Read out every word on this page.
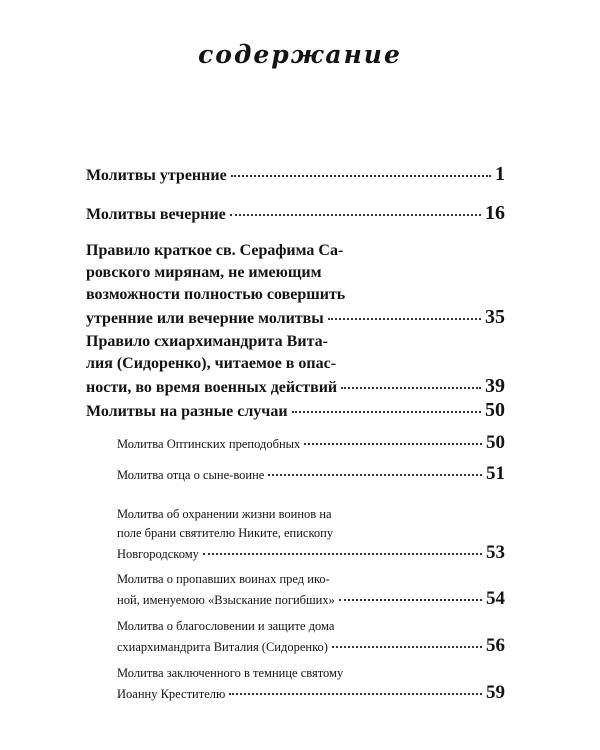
содержание
Молитвы утренние	1
Молитвы вечерние	16
Правило краткое св. Серафима Са-
ровского мирянам, не имеющим
возможности полностью совершить
утренние или вечерние молитвы	35
Правило схиархимандрита Вита-
лия (Сидоренко), читаемое в опас-
ности, во время военных действий	39
Молитвы на разные случаи	50
Молитва Оптинских преподобных	50
Молитва отца о сыне-воине	51
Молитва об охранении жизни воинов на
поле брани святителю Никите, епископу
Новгородскому	53
Молитва о пропавших воинах пред ико-
ной, именуемою «Взыскание погибших»	54
Молитва о благословении и защите дома
схиархимандрита Виталия (Сидоренко)	56
Молитва заключенного в темнице святому
Иоанну Крестителю	59
